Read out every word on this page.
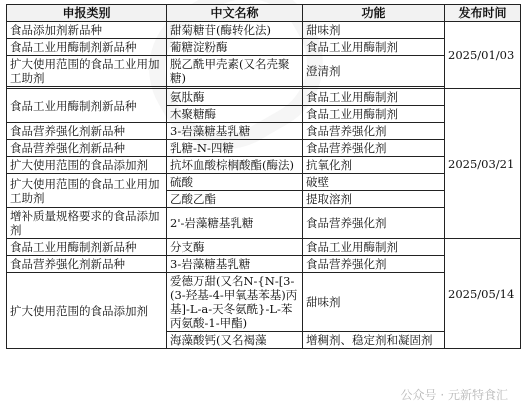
申报类别	中文名称	功能	发布时间
食品添加剂新品种	甜菊糖苷(酶转化法)	甜味剂	2025/01/03
食品工业用酶制剂新品种	葡糖淀粉酶	食品工业用酶制剂	
扩大使用范围的食品工业用加工助剂	脱乙酰甲壳素(又名壳聚糖)	澄清剂	

食品工业用酶制剂新品种	氨肽酶	食品工业用酶制剂	2025/03/21
	木聚糖酶	食品工业用酶制剂	
食品营养强化剂新品种	3-岩藻糖基乳糖	食品营养强化剂	
食品营养强化剂新品种	乳糖-N-四糖	食品营养强化剂	
扩大使用范围的食品添加剂	抗坏血酸棕榈酸酯(酶法)	抗氧化剂	
扩大使用范围的食品工业用加工助剂	硫酸	破壁	
	乙酸乙酯	提取溶剂	
增补质量规格要求的食品添加剂	2'-岩藻糖基乳糖	食品营养强化剂	
食品工业用酶制剂新品种	分支酶	食品工业用酶制剂	2025/05/14
食品营养强化剂新品种	3-岩藻糖基乳糖	食品营养强化剂	
扩大使用范围的食品添加剂	爱德万甜(又名N-{N-[3-(3-羟基-4-甲氧基苯基)丙基]-L-a-天冬氨酰}-L-苯丙氨酸-1-甲酯)	甜味剂	
	海藻酸钙(又名褐藻	增稠剂、稳定剂和凝固剂	
公众号 · 元新特食汇
